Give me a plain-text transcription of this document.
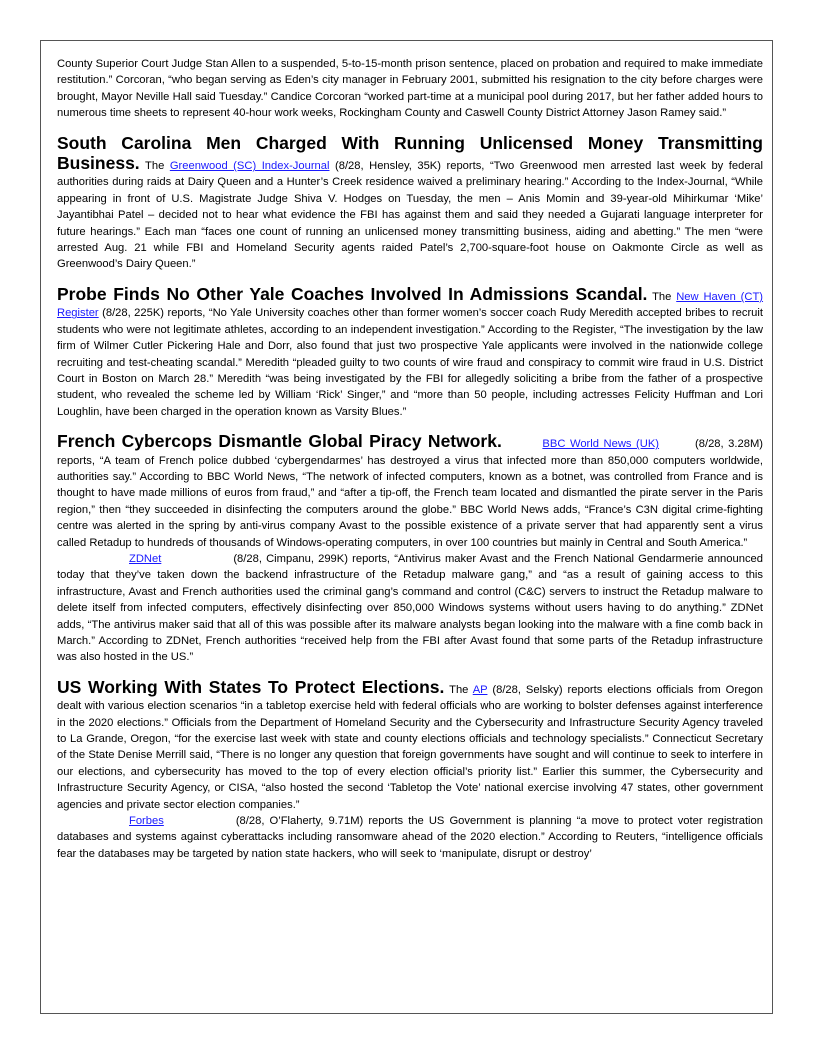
County Superior Court Judge Stan Allen to a suspended, 5-to-15-month prison sentence, placed on probation and required to make immediate restitution.” Corcoran, “who began serving as Eden’s city manager in February 2001, submitted his resignation to the city before charges were brought, Mayor Neville Hall said Tuesday.” Candice Corcoran “worked part-time at a municipal pool during 2017, but her father added hours to numerous time sheets to represent 40-hour work weeks, Rockingham County and Caswell County District Attorney Jason Ramey said.”

South Carolina Men Charged With Running Unlicensed Money Transmitting Business. The Greenwood (SC) Index-Journal (8/28, Hensley, 35K) reports, “Two Greenwood men arrested last week by federal authorities during raids at Dairy Queen and a Hunter’s Creek residence waived a preliminary hearing.” According to the Index-Journal, “While appearing in front of U.S. Magistrate Judge Shiva V. Hodges on Tuesday, the men – Anis Momin and 39-year-old Mihirkumar ‘Mike’ Jayantibhai Patel – decided not to hear what evidence the FBI has against them and said they needed a Gujarati language interpreter for future hearings.” Each man “faces one count of running an unlicensed money transmitting business, aiding and abetting.” The men “were arrested Aug. 21 while FBI and Homeland Security agents raided Patel’s 2,700-square-foot house on Oakmonte Circle as well as Greenwood’s Dairy Queen.”

Probe Finds No Other Yale Coaches Involved In Admissions Scandal. The New Haven (CT) Register (8/28, 225K) reports, “No Yale University coaches other than former women’s soccer coach Rudy Meredith accepted bribes to recruit students who were not legitimate athletes, according to an independent investigation.” According to the Register, “The investigation by the law firm of Wilmer Cutler Pickering Hale and Dorr, also found that just two prospective Yale applicants were involved in the nationwide college recruiting and test-cheating scandal.” Meredith “pleaded guilty to two counts of wire fraud and conspiracy to commit wire fraud in U.S. District Court in Boston on March 28.” Meredith “was being investigated by the FBI for allegedly soliciting a bribe from the father of a prospective student, who revealed the scheme led by William ‘Rick’ Singer,” and “more than 50 people, including actresses Felicity Huffman and Lori Loughlin, have been charged in the operation known as Varsity Blues.”

French Cybercops Dismantle Global Piracy Network.	BBC World News (UK)	(8/28, 3.28M) reports, “A team of French police dubbed ‘cybergendarmes’ has destroyed a virus that infected more than 850,000 computers worldwide, authorities say.” According to BBC World News, “The network of infected computers, known as a botnet, was controlled from France and is thought to have made millions of euros from fraud,” and “after a tip-off, the French team located and dismantled the pirate server in the Paris region,” then “they succeeded in disinfecting the computers around the globe.” BBC World News adds, “France’s C3N digital crime-fighting centre was alerted in the spring by anti-virus company Avast to the possible existence of a private server that had apparently sent a virus called Retadup to hundreds of thousands of Windows-operating computers, in over 100 countries but mainly in Central and South America.”

ZDNet	(8/28, Cimpanu, 299K) reports, “Antivirus maker Avast and the French National Gendarmerie announced today that they’ve taken down the backend infrastructure of the Retadup malware gang,” and “as a result of gaining access to this infrastructure, Avast and French authorities used the criminal gang’s command and control (C&C) servers to instruct the Retadup malware to delete itself from infected computers, effectively disinfecting over 850,000 Windows systems without users having to do anything.” ZDNet adds, “The antivirus maker said that all of this was possible after its malware analysts began looking into the malware with a fine comb back in March.” According to ZDNet, French authorities “received help from the FBI after Avast found that some parts of the Retadup infrastructure was also hosted in the US.”

US Working With States To Protect Elections. The AP (8/28, Selsky) reports elections officials from Oregon dealt with various election scenarios “in a tabletop exercise held with federal officials who are working to bolster defenses against interference in the 2020 elections.” Officials from the Department of Homeland Security and the Cybersecurity and Infrastructure Security Agency traveled to La Grande, Oregon, “for the exercise last week with state and county elections officials and technology specialists.” Connecticut Secretary of the State Denise Merrill said, “There is no longer any question that foreign governments have sought and will continue to seek to interfere in our elections, and cybersecurity has moved to the top of every election official’s priority list.” Earlier this summer, the Cybersecurity and Infrastructure Security Agency, or CISA, “also hosted the second ‘Tabletop the Vote’ national exercise involving 47 states, other government agencies and private sector election companies.”

Forbes	(8/28, O’Flaherty, 9.71M) reports the US Government is planning “a move to protect voter registration databases and systems against cyberattacks including ransomware ahead of the 2020 election.” According to Reuters, “intelligence officials fear the databases may be targeted by nation state hackers, who will seek to ‘manipulate, disrupt or destroy’
